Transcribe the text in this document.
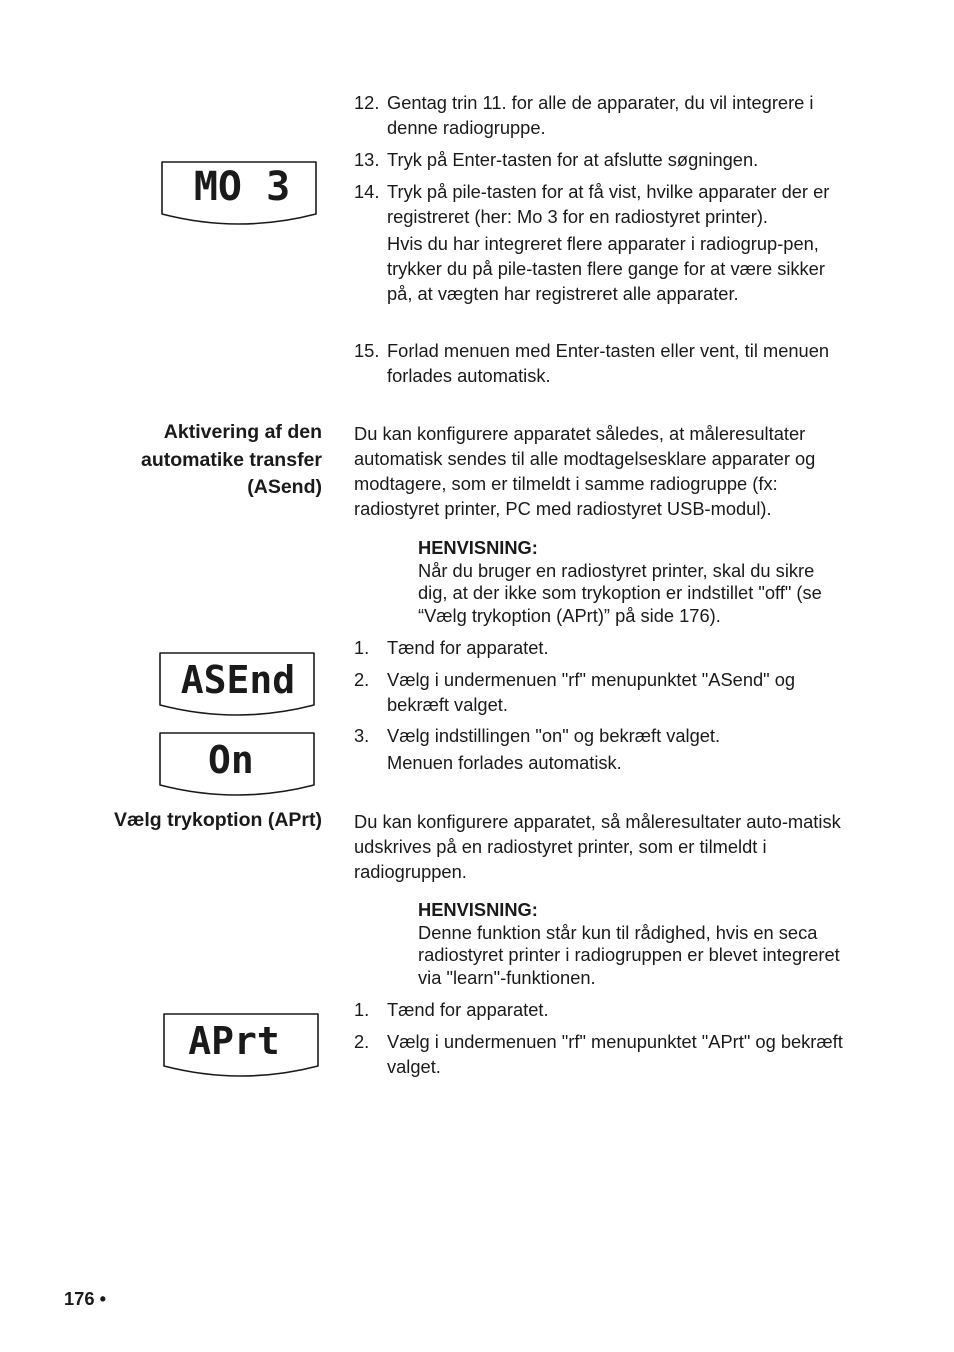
12. Gentag trin 11. for alle de apparater, du vil integrere i denne radiogruppe.

13. Tryk på Enter-tasten for at afslutte søgningen.

14. Tryk på pile-tasten for at få vist, hvilke apparater der er registreret (her: Mo 3 for en radiostyret printer).

Hvis du har integreret flere apparater i radiogrup-pen, trykker du på pile-tasten flere gange for at være sikker på, at vægten har registreret alle apparater.

15. Forlad menuen med Enter-tasten eller vent, til menuen forlades automatisk.

MO 3
Aktivering af den automatike transfer (ASend)
Du kan konfigurere apparatet således, at måleresultater automatisk sendes til alle modtagelsesklare apparater og modtagere, som er tilmeldt i samme radiogruppe (fx: radiostyret printer, PC med radiostyret USB-modul).
HENVISNING:
Når du bruger en radiostyret printer, skal du sikre dig, at der ikke som trykoption er indstillet "off" (se “Vælg trykoption (APrt)” på side 176).
1. Tænd for apparatet.

2. Vælg i undermenuen "rf" menupunktet "ASend" og bekræft valget.

3. Vælg indstillingen "on" og bekræft valget.

Menuen forlades automatisk.

ASEnd
On
Vælg trykoption (APrt) Du kan konfigurere apparatet, så måleresultater auto-matisk udskrives på en radiostyret printer, som er tilmeldt i radiogruppen.
HENVISNING:
Denne funktion står kun til rådighed, hvis en seca radiostyret printer i radiogruppen er blevet integreret via "learn"-funktionen.
1. Tænd for apparatet.

2. Vælg i undermenuen "rf" menupunktet "APrt" og bekræft valget.

APrt
176 •
